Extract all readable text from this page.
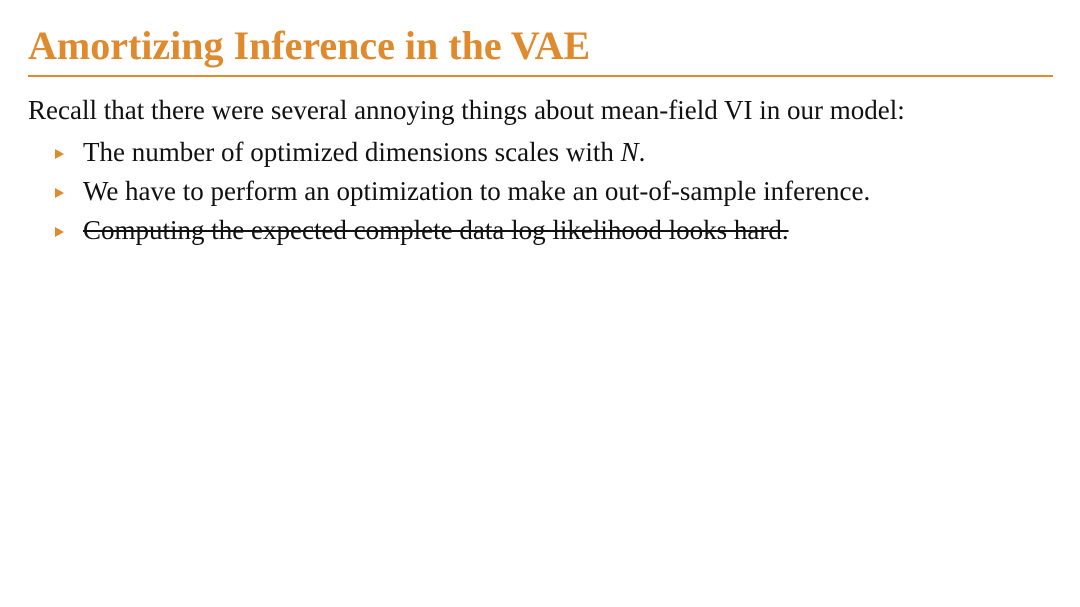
Amortizing Inference in the VAE
Recall that there were several annoying things about mean-field VI in our model:
The number of optimized dimensions scales with N.
We have to perform an optimization to make an out-of-sample inference.
Computing the expected complete data log likelihood looks hard.
